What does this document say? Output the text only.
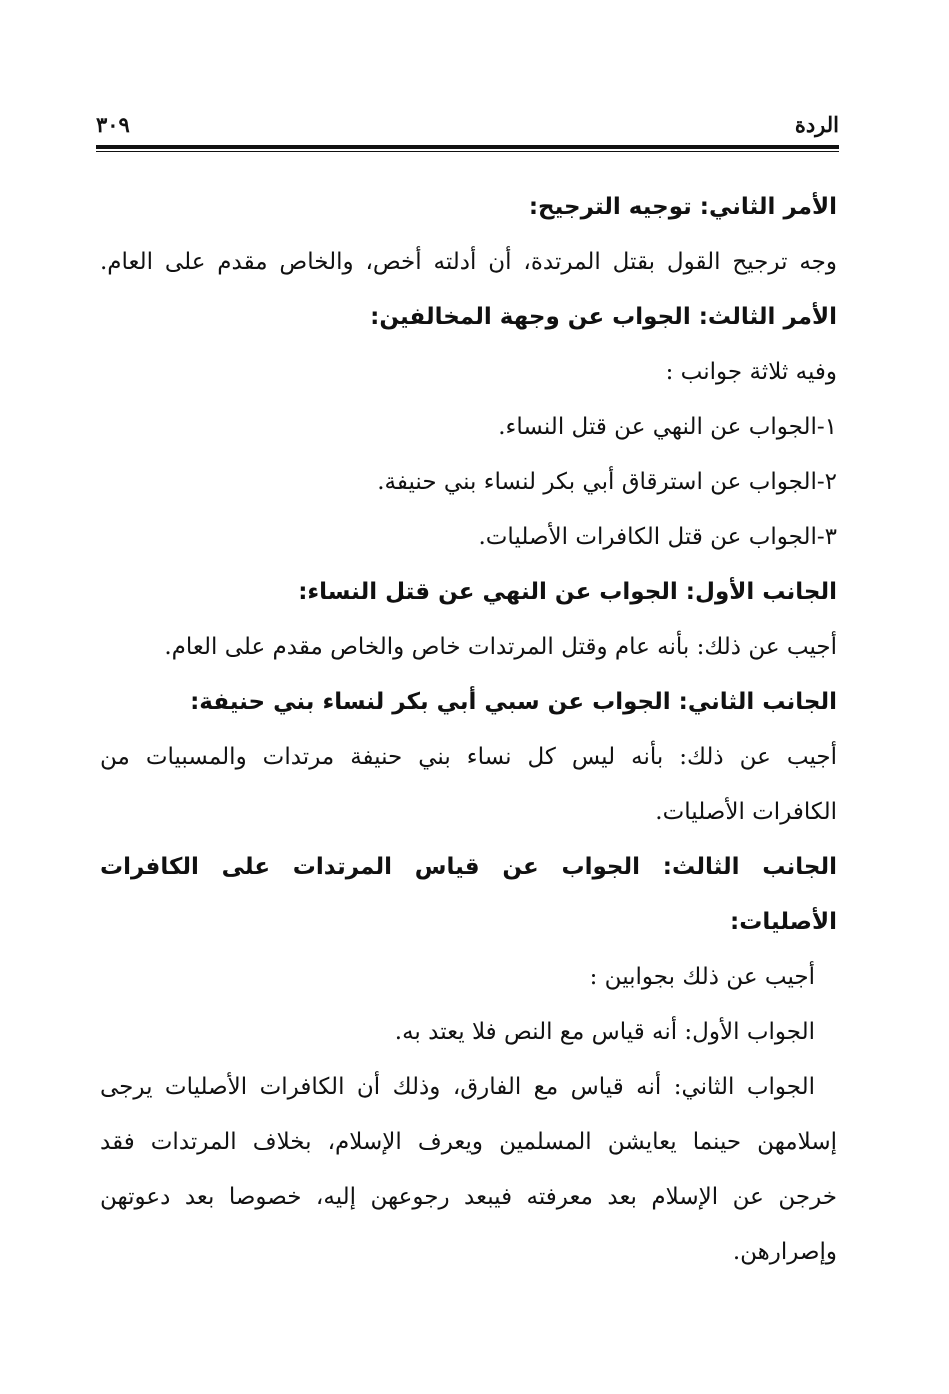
الردة
٣٠٩
الأمر الثاني: توجيه الترجيح:
وجه ترجيح القول بقتل المرتدة، أن أدلته أخص، والخاص مقدم على العام.
الأمر الثالث: الجواب عن وجهة المخالفين:
وفيه ثلاثة جوانب :
١-الجواب عن النهي عن قتل النساء.
٢-الجواب عن استرقاق أبي بكر لنساء بني حنيفة.
٣-الجواب عن قتل الكافرات الأصليات.
الجانب الأول: الجواب عن النهي عن قتل النساء:
أجيب عن ذلك: بأنه عام وقتل المرتدات خاص والخاص مقدم على العام.
الجانب الثاني: الجواب عن سبي أبي بكر لنساء بني حنيفة:
أجيب عن ذلك: بأنه ليس كل نساء بني حنيفة مرتدات والمسبيات من
الكافرات الأصليات.
الجانب الثالث: الجواب عن قياس المرتدات على الكافرات
الأصليات:
أجيب عن ذلك بجوابين :
الجواب الأول: أنه قياس مع النص فلا يعتد به.
الجواب الثاني: أنه قياس مع الفارق، وذلك أن الكافرات الأصليات يرجى
إسلامهن حينما يعايشن المسلمين ويعرف الإسلام، بخلاف المرتدات فقد
خرجن عن الإسلام بعد معرفته فيبعد رجوعهن إليه، خصوصا بعد دعوتهن
وإصرارهن.
